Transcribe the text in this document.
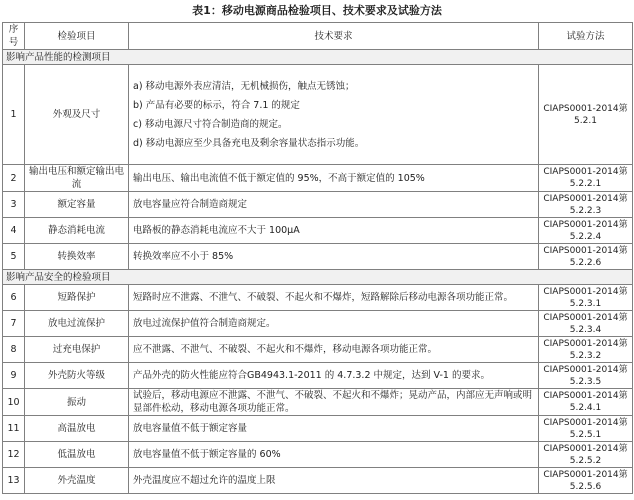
表1：移动电源商品检验项目、技术要求及试验方法
序号	检验项目	技术要求	试验方法
影响产品性能的检测项目			
1	外观及尺寸	a) 移动电源外表应清洁，无机械损伤，触点无锈蚀；

b) 产品有必要的标示，符合 7.1 的规定

c) 移动电源尺寸符合制造商的规定。

d) 移动电源应至少具备充电及剩余容量状态指示功能。	CIAPS0001-2014第5.2.1
2	输出电压和额定输出电流	输出电压、输出电流值不低于额定值的 95%，不高于额定值的 105%	CIAPS0001-2014第5.2.2.1
3	额定容量	放电容量应符合制造商规定	CIAPS0001-2014第5.2.2.3
4	静态消耗电流	电路板的静态消耗电流应不大于 100μA	CIAPS0001-2014第5.2.2.4
5	转换效率	转换效率应不小于 85%	CIAPS0001-2014第5.2.2.6
影响产品安全的检验项目			
6	短路保护	短路时应不泄露、不泄气、不破裂、不起火和不爆炸，短路解除后移动电源各项功能正常。	CIAPS0001-2014第5.2.3.1
7	放电过流保护	放电过流保护值符合制造商规定。	CIAPS0001-2014第5.2.3.4
8	过充电保护	应不泄露、不泄气、不破裂、不起火和不爆炸，移动电源各项功能正常。	CIAPS0001-2014第5.2.3.2
9	外壳防火等级	产品外壳的防火性能应符合GB4943.1-2011 的 4.7.3.2 中规定，达到 V-1 的要求。	CIAPS0001-2014第5.2.3.5
10	振动	试验后，移动电源应不泄露、不泄气、不破裂、不起火和不爆炸；晃动产品，内部应无声响或明显部件松动，移动电源各项功能正常。	CIAPS0001-2014第5.2.4.1
11	高温放电	放电容量值不低于额定容量	CIAPS0001-2014第5.2.5.1
12	低温放电	放电容量值不低于额定容量的 60%	CIAPS0001-2014第5.2.5.2
13	外壳温度	外壳温度应不超过允许的温度上限	CIAPS0001-2014第5.2.5.6
